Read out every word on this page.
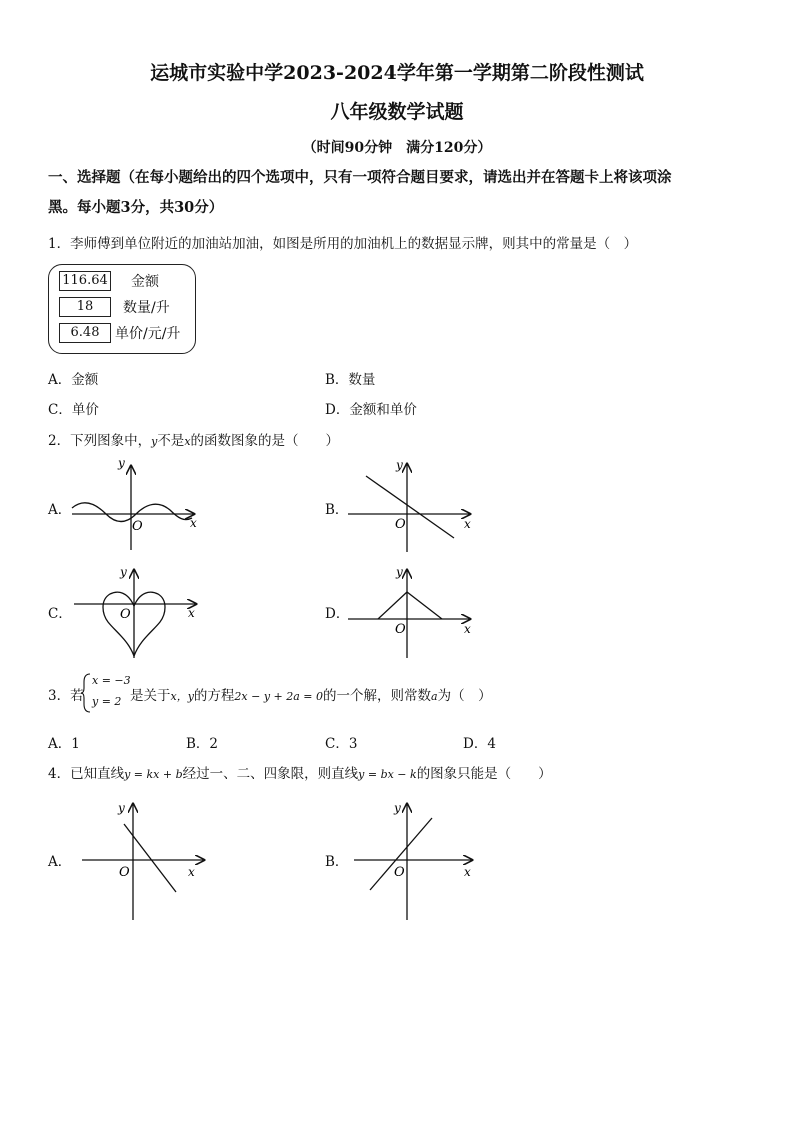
运城市实验中学2023-2024学年第一学期第二阶段性测试
八年级数学试题
（时间90分钟　满分120分）
一、选择题（在每小题给出的四个选项中，只有一项符合题目要求，请选出并在答题卡上将该项涂
黑。每小题3分，共30分）
1．李师傅到单位附近的加油站加油，如图是所用的加油机上的数据显示牌，则其中的常量是（　）
116.64 金额
18	数量/升
6.48	单价/元/升
A．金额	B．数量
C．单价	D．金额和单价
2．下列图象中，y不是x的函数图象的是（　　）
A．	B．
C．	D．
y
O	x
y
O	x
y
O	x
y
O	x
3．若
x = −3
y = 2 是关于x，y的方程2x − y + 2a = 0的一个解，则常数a为（　）
A．1	B．2	C．3	D．4
4．已知直线y = kx + b经过一、二、四象限，则直线y = bx − k的图象只能是（　　）
A．	B．
y
O	x
y
O	x
